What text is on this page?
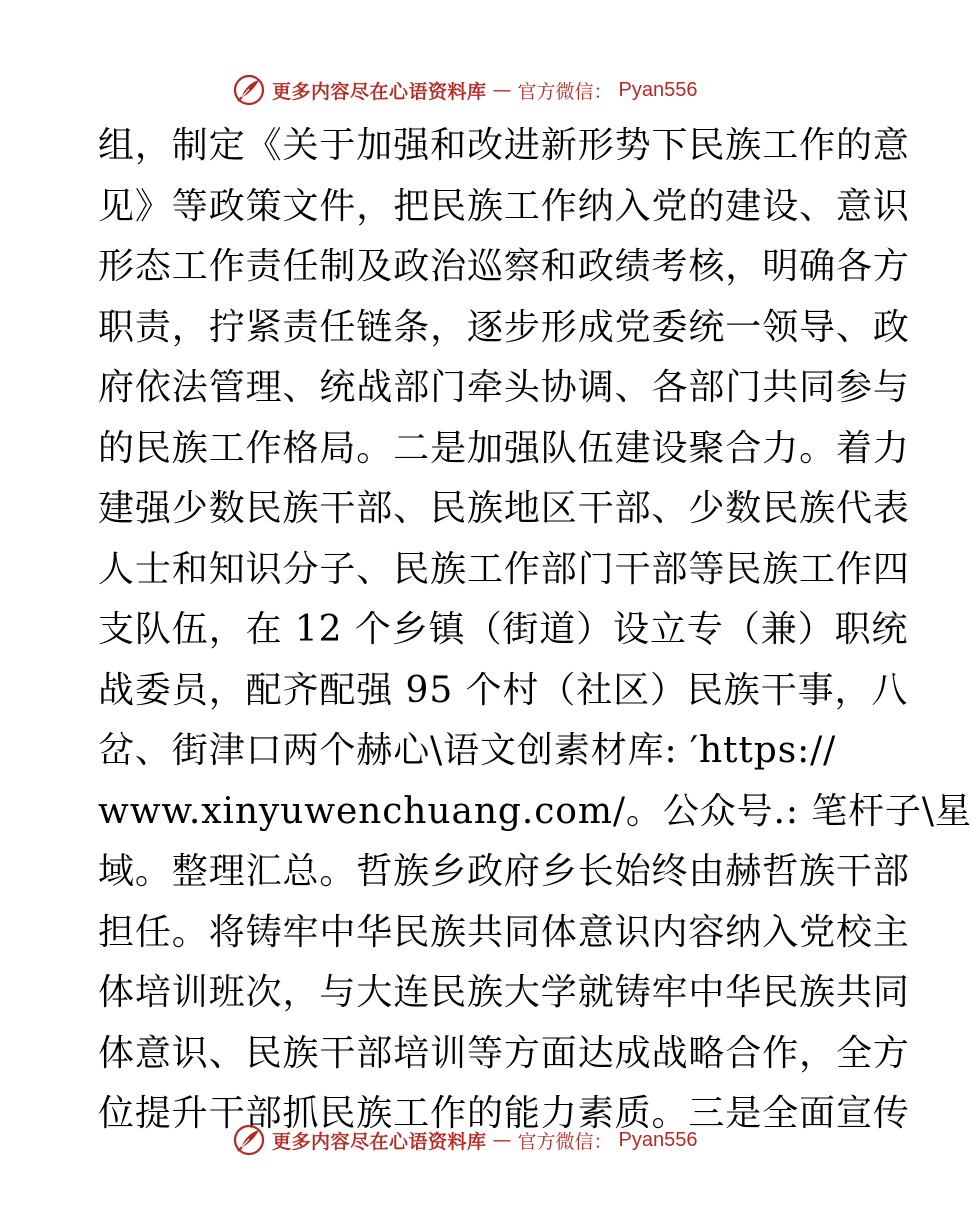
更多内容尽在心语资料库 — 官方微信： Pyan556
组，制定《关于加强和改进新形势下民族工作的意
见》等政策文件，把民族工作纳入党的建设、意识
形态工作责任制及政治巡察和政绩考核，明确各方
职责，拧紧责任链条，逐步形成党委统一领导、政
府依法管理、统战部门牵头协调、各部门共同参与
的民族工作格局。二是加强队伍建设聚合力。着力
建强少数民族干部、民族地区干部、少数民族代表
人士和知识分子、民族工作部门干部等民族工作四
支队伍，在 12 个乡镇（街道）设立专（兼）职统
战委员，配齐配强 95 个村（社区）民族干事，八
岔、街津口两个赫心\语文创素材库: ′https://
www.xinyuwenchuang.com/。公众号.: 笔杆子\星
域。整理汇总。哲族乡政府乡长始终由赫哲族干部
担任。将铸牢中华民族共同体意识内容纳入党校主
体培训班次，与大连民族大学就铸牢中华民族共同
体意识、民族干部培训等方面达成战略合作，全方
位提升干部抓民族工作的能力素质。三是全面宣传
更多内容尽在心语资料库 — 官方微信： Pyan556
